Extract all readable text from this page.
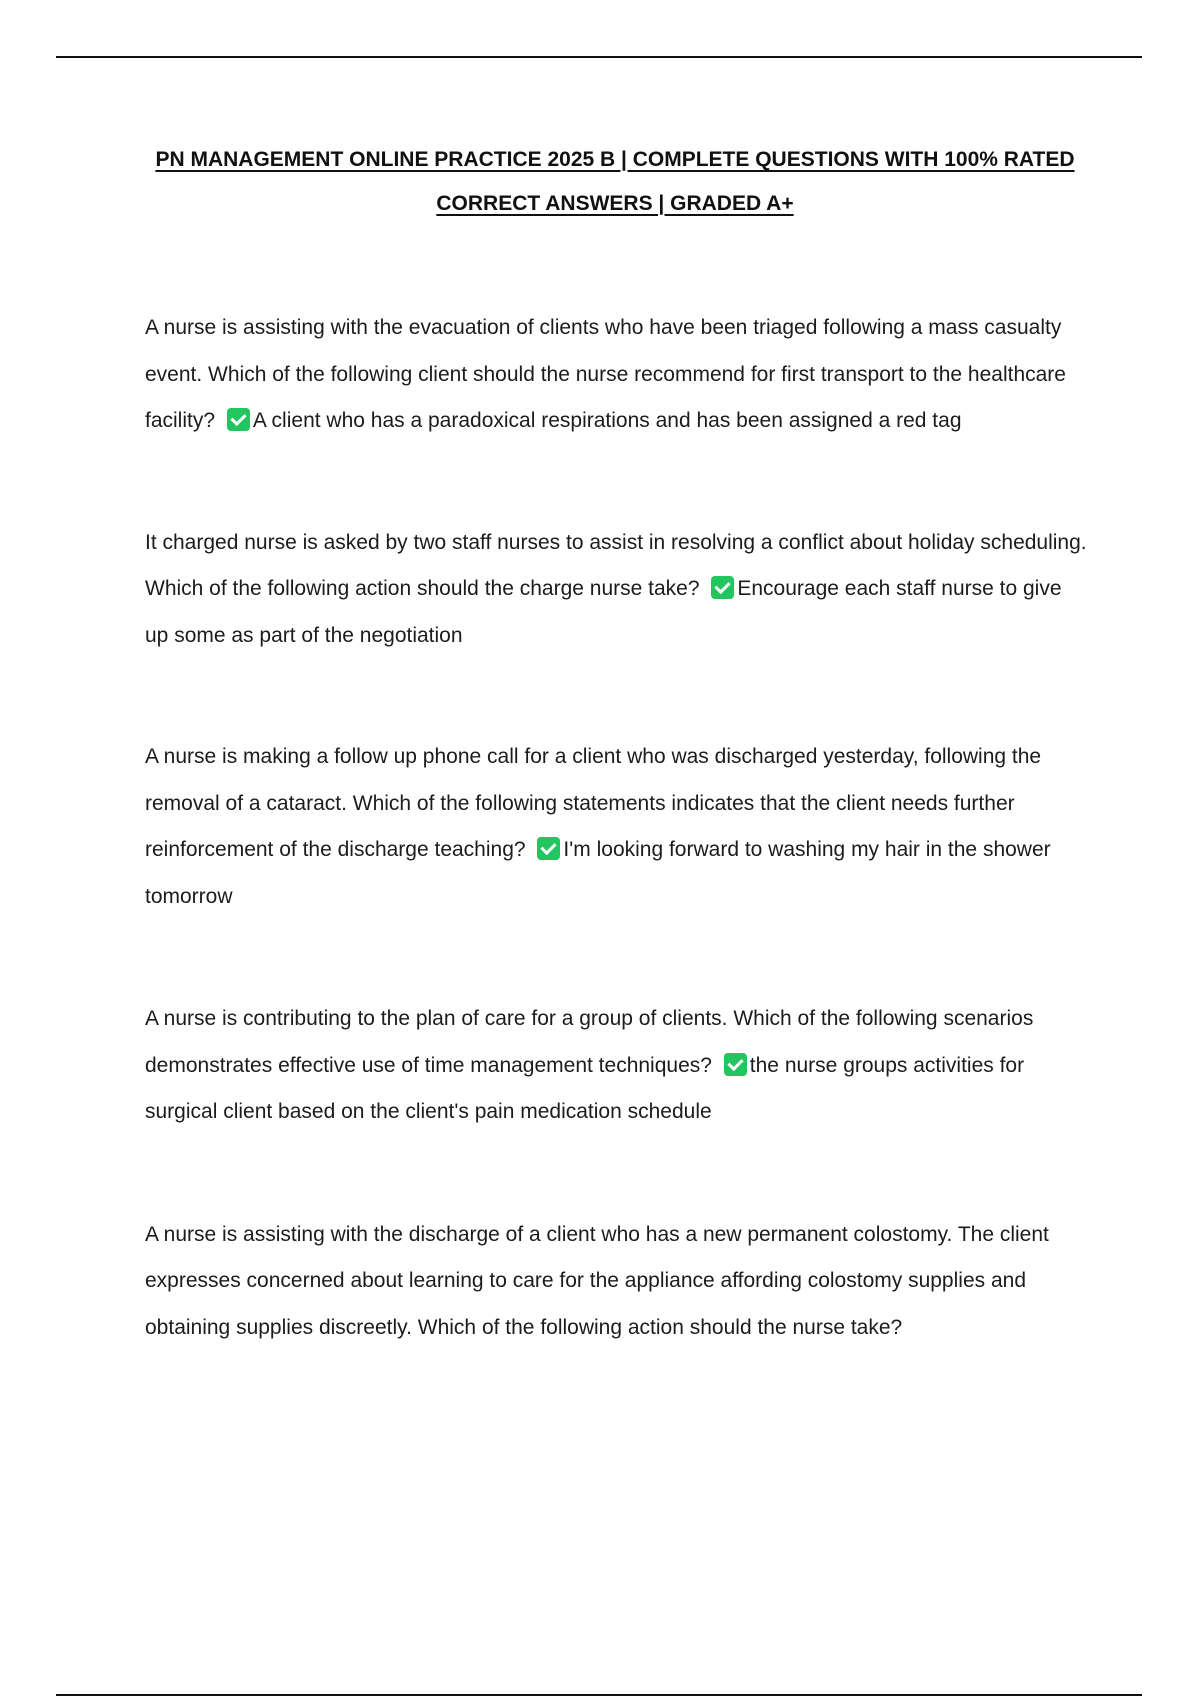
PN MANAGEMENT ONLINE PRACTICE 2025 B | COMPLETE QUESTIONS WITH 100% RATED CORRECT ANSWERS | GRADED A+

A nurse is assisting with the evacuation of clients who have been triaged following a mass casualty event. Which of the following client should the nurse recommend for first transport to the healthcare facility? A client who has a paradoxical respirations and has been assigned a red tag

It charged nurse is asked by two staff nurses to assist in resolving a conflict about holiday scheduling. Which of the following action should the charge nurse take? Encourage each staff nurse to give up some as part of the negotiation

A nurse is making a follow up phone call for a client who was discharged yesterday, following the removal of a cataract. Which of the following statements indicates that the client needs further reinforcement of the discharge teaching? I'm looking forward to washing my hair in the shower tomorrow

A nurse is contributing to the plan of care for a group of clients. Which of the following scenarios demonstrates effective use of time management techniques? the nurse groups activities for surgical client based on the client's pain medication schedule

A nurse is assisting with the discharge of a client who has a new permanent colostomy. The client expresses concerned about learning to care for the appliance affording colostomy supplies and obtaining supplies discreetly. Which of the following action should the nurse take?
